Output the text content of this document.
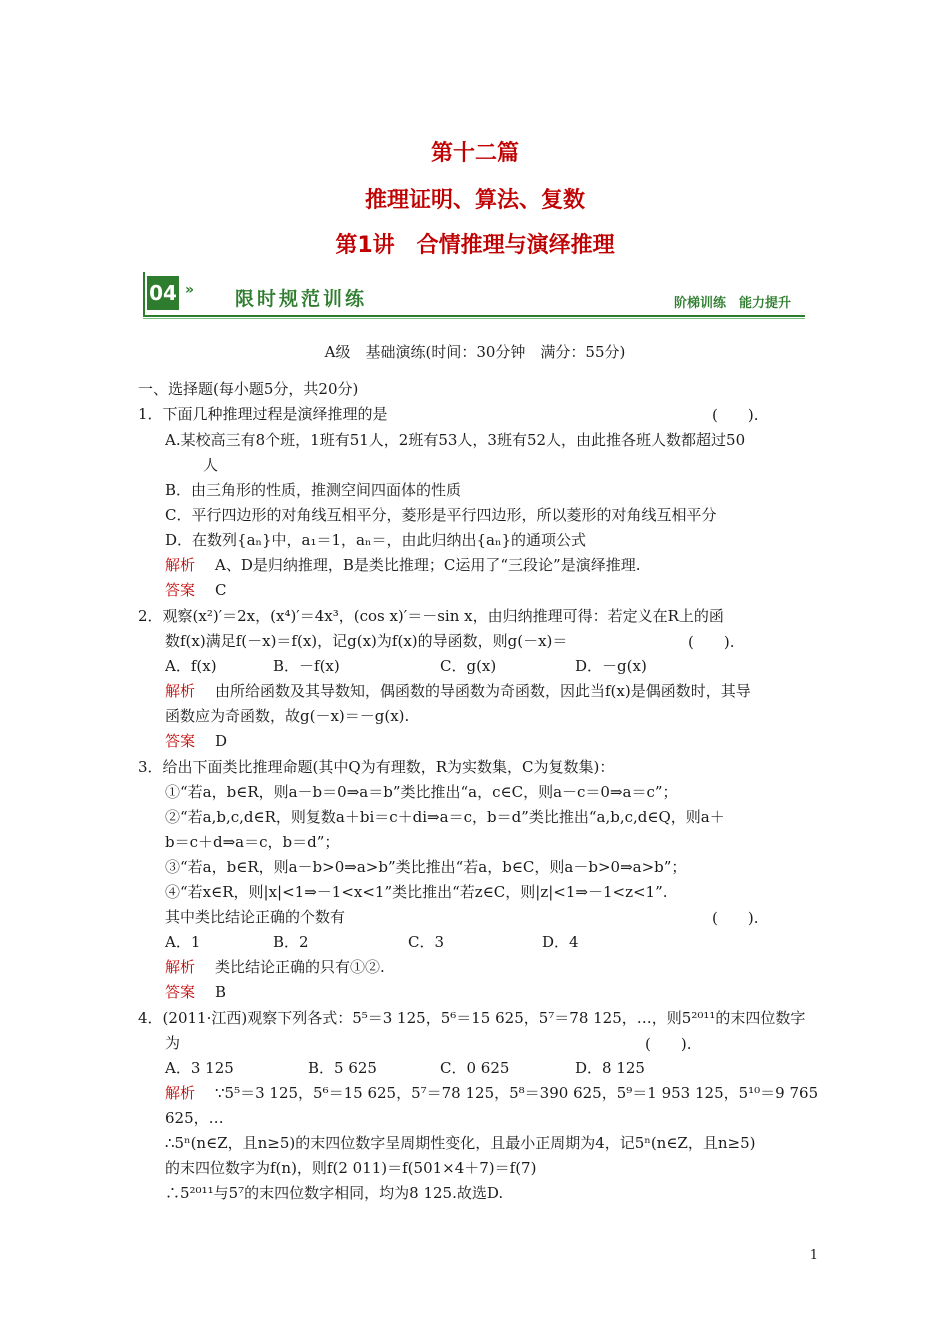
第十二篇
推理证明、算法、复数
第1讲　合情推理与演绎推理
04 » 限时规范训练	阶梯训练　能力提升
A级　基础演练(时间：30分钟　满分：55分)
一、选择题(每小题5分，共20分)
1．下面几种推理过程是演绎推理的是	(　　).
A.某校高三有8个班，1班有51人，2班有53人，3班有52人，由此推各班人数都超过50
人
B．由三角形的性质，推测空间四面体的性质
C．平行四边形的对角线互相平分，菱形是平行四边形，所以菱形的对角线互相平分
D．在数列{aₙ}中，a₁＝1，aₙ＝，由此归纳出{aₙ}的通项公式
解析 A、D是归纳推理，B是类比推理；C运用了“三段论”是演绎推理.
答案 C
2．观察(x²)′＝2x，(x⁴)′＝4x³，(cos x)′＝－sin x，由归纳推理可得：若定义在R上的函
数f(x)满足f(－x)＝f(x)，记g(x)为f(x)的导函数，则g(－x)＝	(　　).
A．f(x)	B．－f(x)	C．g(x)	D．－g(x)
解析 由所给函数及其导数知，偶函数的导函数为奇函数，因此当f(x)是偶函数时，其导
函数应为奇函数，故g(－x)＝－g(x).
答案 D
3．给出下面类比推理命题(其中Q为有理数，R为实数集，C为复数集)：
①“若a，b∈R，则a－b＝0⇒a＝b”类比推出“a，c∈C，则a－c＝0⇒a＝c”；
②“若a,b,c,d∈R，则复数a＋bi＝c＋di⇒a＝c，b＝d”类比推出“a,b,c,d∈Q，则a＋
b＝c＋d⇒a＝c，b＝d”；
③“若a，b∈R，则a－b>0⇒a>b”类比推出“若a，b∈C，则a－b>0⇒a>b”；
④“若x∈R，则|x|<1⇒－1<x<1”类比推出“若z∈C，则|z|<1⇒－1<z<1”.
其中类比结论正确的个数有	(　　).
A．1	B．2	C．3	D．4
解析 类比结论正确的只有①②.
答案 B
4．(2011·江西)观察下列各式：5⁵＝3 125，5⁶＝15 625，5⁷＝78 125，…，则5²⁰¹¹的末四位数字
为	(　　).
A．3 125	B．5 625	C．0 625	D．8 125
解析 ∵5⁵＝3 125，5⁶＝15 625，5⁷＝78 125，5⁸＝390 625，5⁹＝1 953 125，5¹⁰＝9 765
625，…
∴5ⁿ(n∈Z，且n≥5)的末四位数字呈周期性变化，且最小正周期为4，记5ⁿ(n∈Z，且n≥5)
的末四位数字为f(n)，则f(2 011)＝f(501×4＋7)＝f(7)
∴5²⁰¹¹与5⁷的末四位数字相同，均为8 125.故选D.
1
